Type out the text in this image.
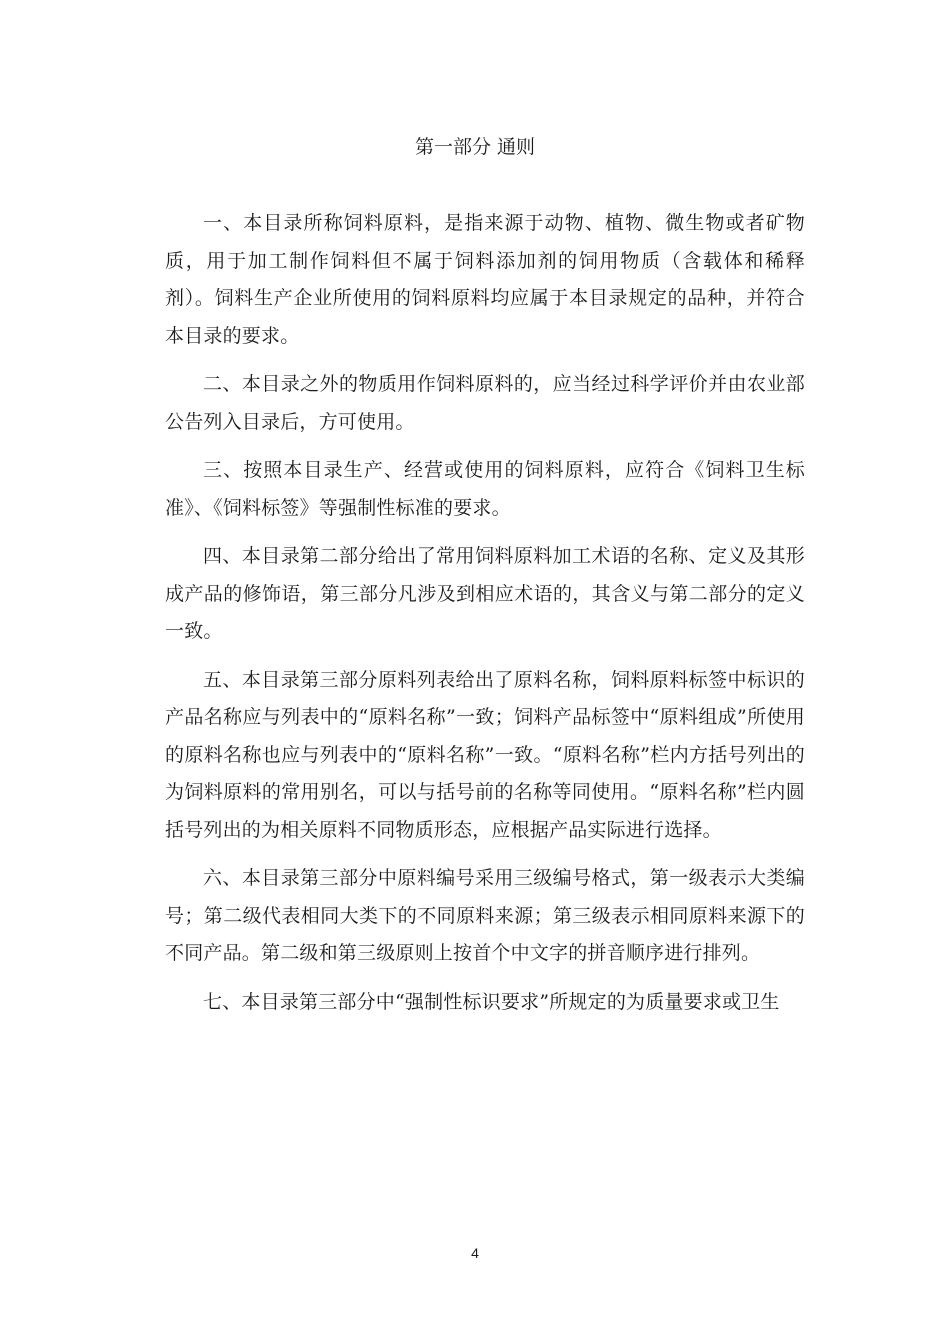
第一部分 通则

一、本目录所称饲料原料，是指来源于动物、植物、微生物或者矿物质，用于加工制作饲料但不属于饲料添加剂的饲用物质（含载体和稀释剂）。饲料生产企业所使用的饲料原料均应属于本目录规定的品种，并符合本目录的要求。

二、本目录之外的物质用作饲料原料的，应当经过科学评价并由农业部公告列入目录后，方可使用。

三、按照本目录生产、经营或使用的饲料原料，应符合《饲料卫生标准》、《饲料标签》等强制性标准的要求。

四、本目录第二部分给出了常用饲料原料加工术语的名称、定义及其形成产品的修饰语，第三部分凡涉及到相应术语的，其含义与第二部分的定义一致。

五、本目录第三部分原料列表给出了原料名称，饲料原料标签中标识的产品名称应与列表中的“原料名称”一致；饲料产品标签中“原料组成”所使用的原料名称也应与列表中的“原料名称”一致。“原料名称”栏内方括号列出的为饲料原料的常用别名，可以与括号前的名称等同使用。“原料名称”栏内圆括号列出的为相关原料不同物质形态，应根据产品实际进行选择。

六、本目录第三部分中原料编号采用三级编号格式，第一级表示大类编号；第二级代表相同大类下的不同原料来源；第三级表示相同原料来源下的不同产品。第二级和第三级原则上按首个中文字的拼音顺序进行排列。

七、本目录第三部分中“强制性标识要求”所规定的为质量要求或卫生

4
